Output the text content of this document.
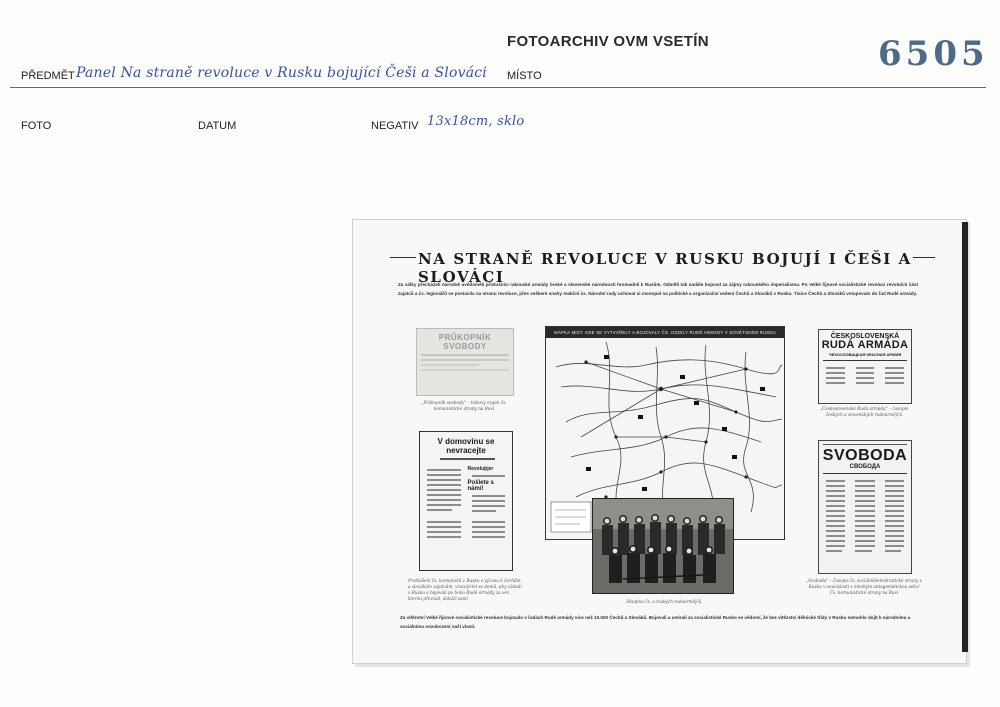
FOTOARCHIV OVM VSETÍN	6505
PŘEDMĚT Panel Na straně revoluce v Rusku bojující Češi a Slováci MÍSTO
FOTO	DATUM	NEGATIV 13x18cm, sklo
NA STRANĚ REVOLUCE V RUSKU BOJUJÍ I ČEŠI A SLOVÁCI
Za války přecházeli národně uvědomělí příslušníci rakouské armády české a slovenské národnosti hromadně k Rusům. Odmítli tak nadále bojovat za zájmy rakouského imperialismu. Po Velké říjnové socialistické revoluci revoluční část zajatců a čs. legionářů se postavila na stranu revoluce, přes veškeré snahy reakční čs. Národní rady uchovat si monopol na politické a organizační vedení Čechů a Slováků v Rusku. Tisíce Čechů a Slováků vstupovalo do řad Rudé armády.
PRŮKOPNÍK SVOBODY
„Průkopník svobody" – tiskový orgán čs. komunistické strany na Rusi
V domovinu se nevracejte
Revoluþjer
Pošlete s námi!
Prohlášení čs. komunistů v Rusku s výzvou k čechům a slovákům zajatcům, vracejícím se domů, aby zůstali v Rusku a bojovali po boku Rudé armády za věc, kterou převzali, dokáží sami
MAPKA MÍST, KDE SE VYTVÁŘELY A BOJOVALY ČS. ODDÍLY RUDÉ ARMÁDY V SOVĚTSKÉM RUSKU
Skupina čs. a ruských rudoarmějců
ČESKOSLOVENSKÁ
RUDÁ ARMÁDA
ЧЕХОСЛОВАЦКАЯ КРАСНАЯ АРМИЯ
„Československá Rudá armáda" – časopis českých a slovenských rudoarmějců
SVOBODA
СВОБОДА
„Svoboda" – časopis čs. sociálnědemokratické strany v Rusku v souvislosti s mnohým antagonistickou sekcí Čs. komunistické strany na Rusi
Za vítězství Velké říjnové socialistické revoluce bojovalo v řadách Rudé armády více než 10.000 Čechů a Slováků. Bojovali a umírali za socialistické Rusko ve vědomí, že bez vítězství dělnické třídy v Rusku nemohlo dojít k národnímu a sociálnímu osvobození naší vlasti.
